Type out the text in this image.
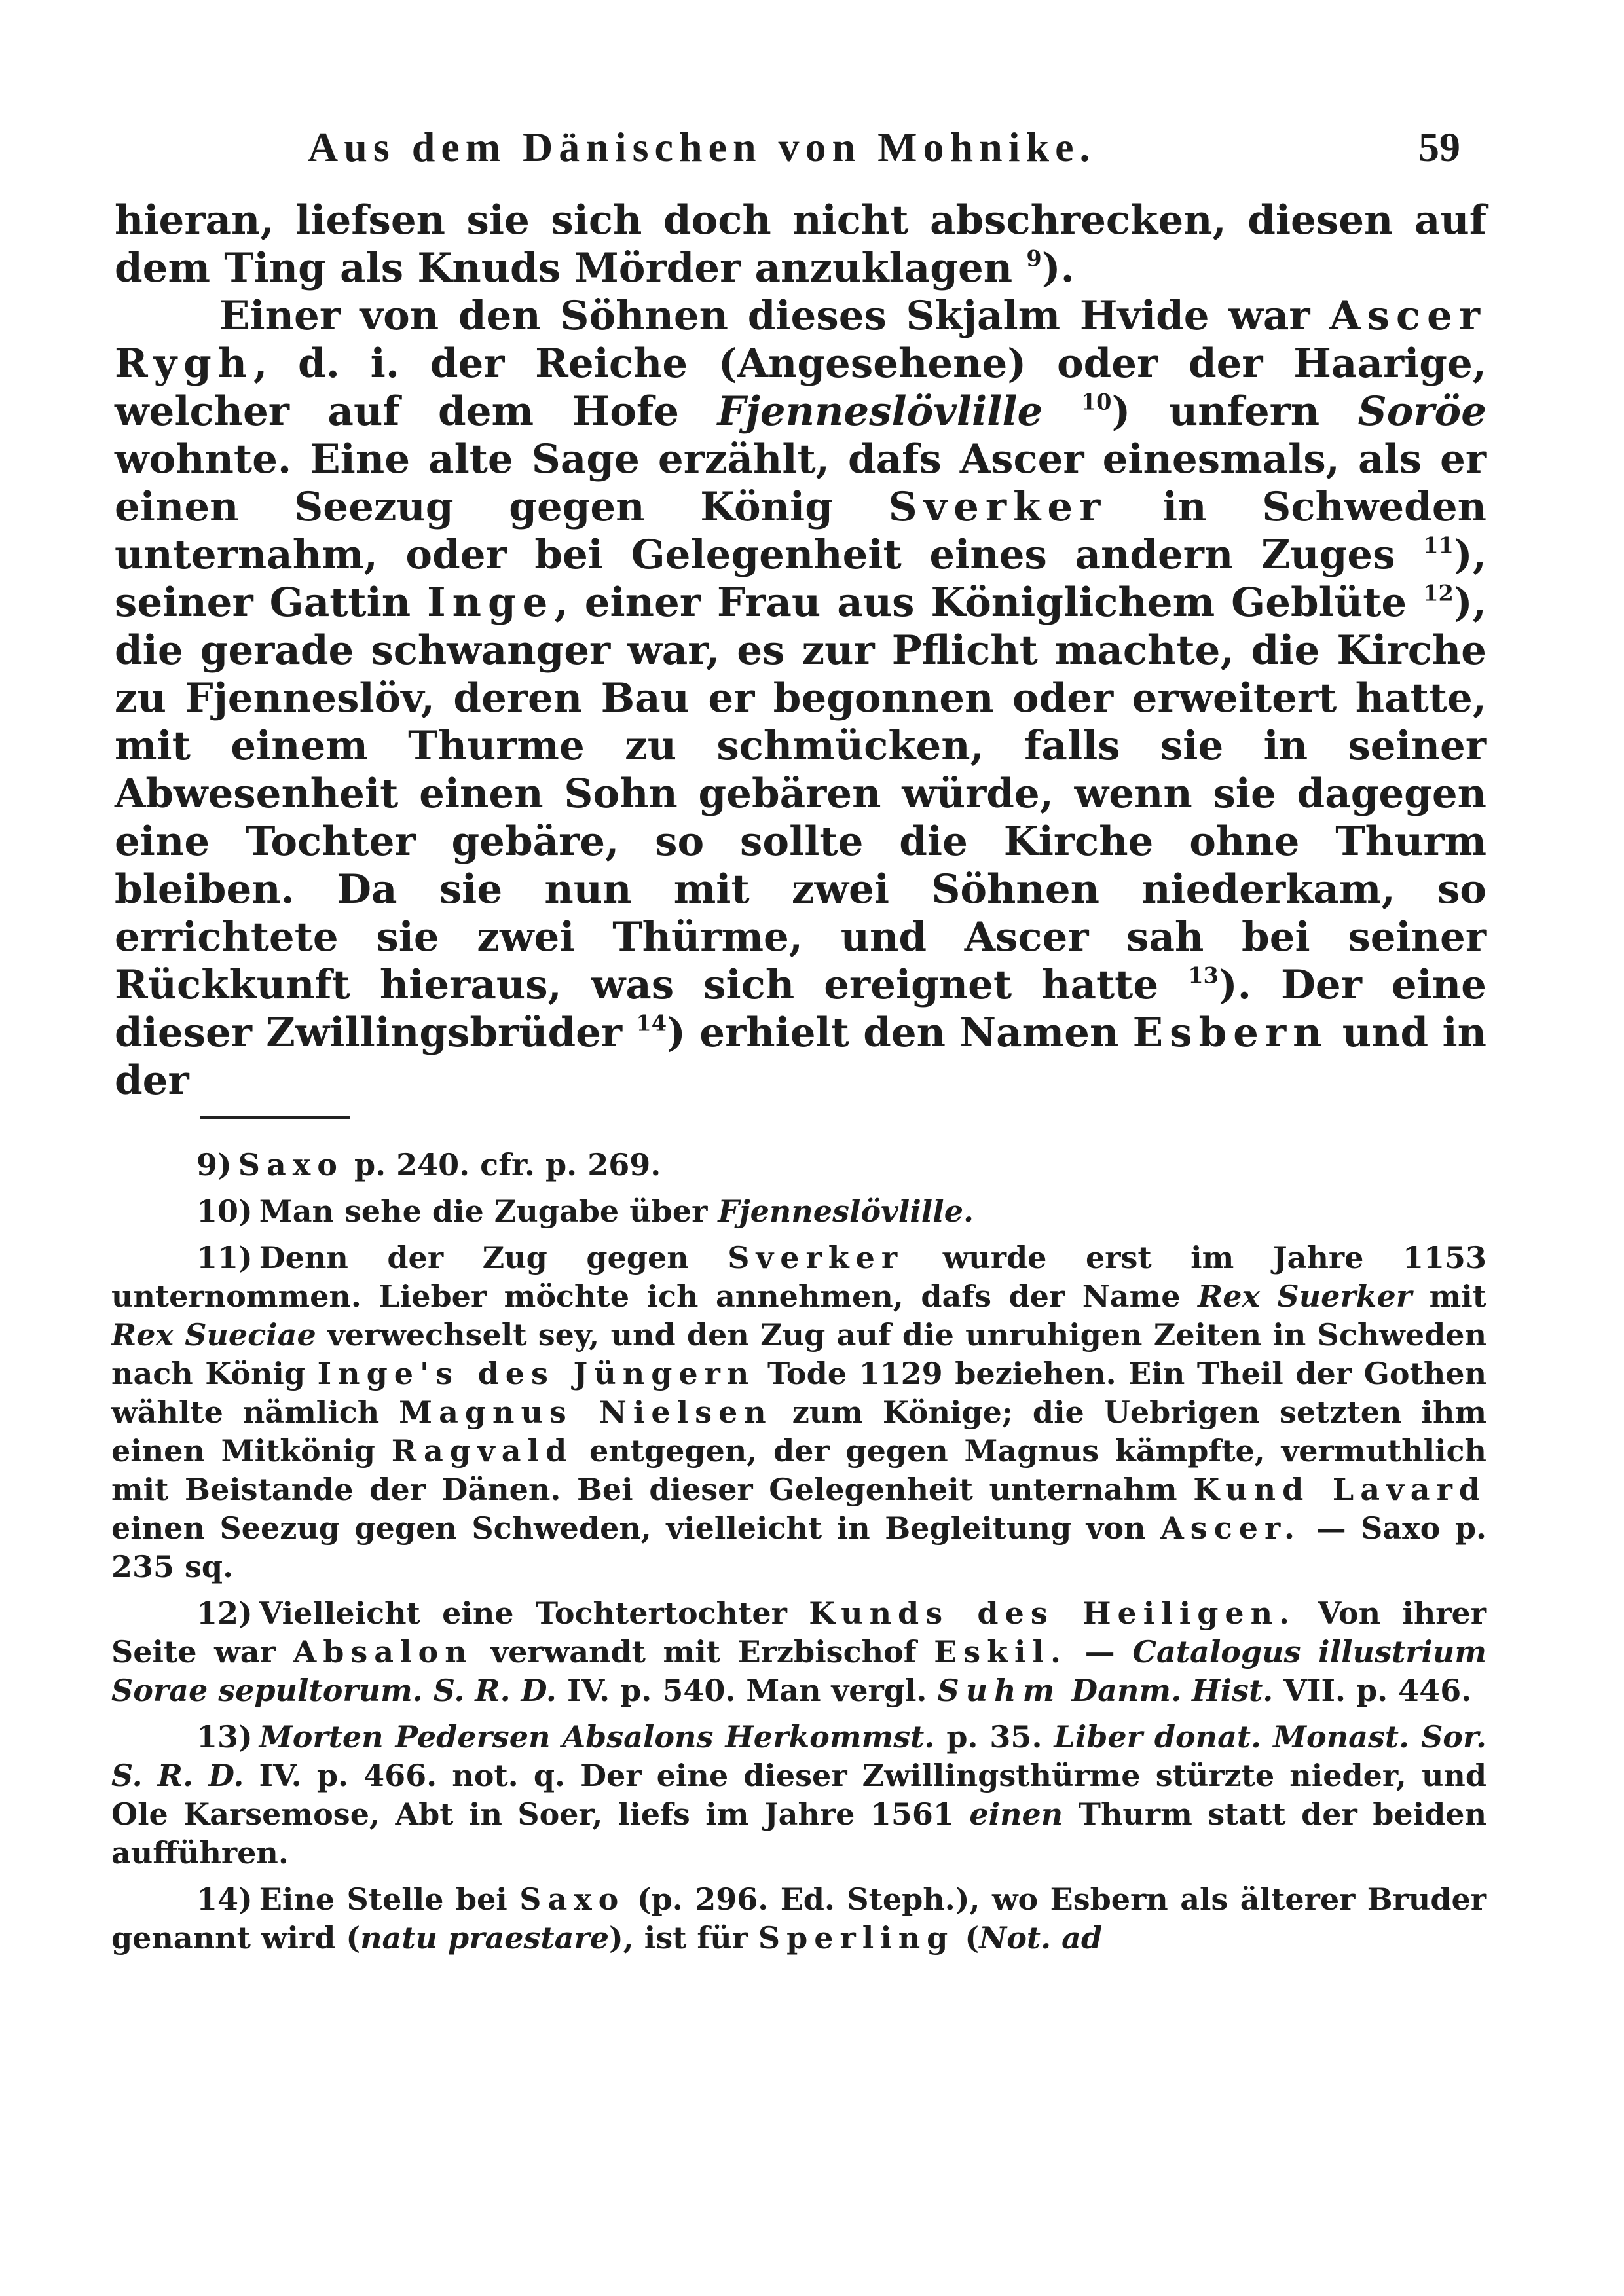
Aus dem Dänischen von Mohnike.	59

hieran, liefsen sie sich doch nicht abschrecken, diesen auf dem Ting als Knuds Mörder anzuklagen $^9$).

Einer von den Söhnen dieses Skjalm Hvide war Ascer Rygh, d. i. der Reiche (Angesehene) oder der Haarige, welcher auf dem Hofe Fjenneslövlille $^{10}$) unfern Soröe wohnte. Eine alte Sage erzählt, dafs Ascer einesmals, als er einen Seezug gegen König Sverker in Schweden unternahm, oder bei Gelegenheit eines andern Zuges $^{11}$), seiner Gattin Inge, einer Frau aus Königlichem Geblüte $^{12}$), die gerade schwanger war, es zur Pflicht machte, die Kirche zu Fjenneslöv, deren Bau er begonnen oder erweitert hatte, mit einem Thurme zu schmücken, falls sie in seiner Abwesenheit einen Sohn gebären würde, wenn sie dagegen eine Tochter gebäre, so sollte die Kirche ohne Thurm bleiben. Da sie nun mit zwei Söhnen niederkam, so errichtete sie zwei Thürme, und Ascer sah bei seiner Rückkunft hieraus, was sich ereignet hatte $^{13}$). Der eine dieser Zwillingsbrüder $^{14}$) erhielt den Namen Esbern und in der

9) Saxo p. 240. cfr. p. 269.

10) Man sehe die Zugabe über Fjenneslövlille.

11) Denn der Zug gegen Sverker wurde erst im Jahre 1153 unternommen. Lieber möchte ich annehmen, dafs der Name Rex Suerker mit Rex Sueciae verwechselt sey, und den Zug auf die unruhigen Zeiten in Schweden nach König Inge's des Jüngern Tode 1129 beziehen. Ein Theil der Gothen wählte nämlich Magnus Nielsen zum Könige; die Uebrigen setzten ihm einen Mitkönig Ragvald entgegen, der gegen Magnus kämpfte, vermuthlich mit Beistande der Dänen. Bei dieser Gelegenheit unternahm Kund Lavard einen Seezug gegen Schweden, vielleicht in Begleitung von Ascer. — Saxo p. 235 sq.

12) Vielleicht eine Tochtertochter Kunds des Heiligen. Von ihrer Seite war Absalon verwandt mit Erzbischof Eskil. — Catalogus illustrium Sorae sepultorum. S. R. D. IV. p. 540. Man vergl. Suhm Danm. Hist. VII. p. 446.

13) Morten Pedersen Absalons Herkommst. p. 35. Liber donat. Monast. Sor. S. R. D. IV. p. 466. not. q. Der eine dieser Zwillingsthürme stürzte nieder, und Ole Karsemose, Abt in Soer, liefs im Jahre 1561 einen Thurm statt der beiden aufführen.

14) Eine Stelle bei Saxo (p. 296. Ed. Steph.), wo Esbern als älterer Bruder genannt wird (natu praestare), ist für Sperling (Not. ad
